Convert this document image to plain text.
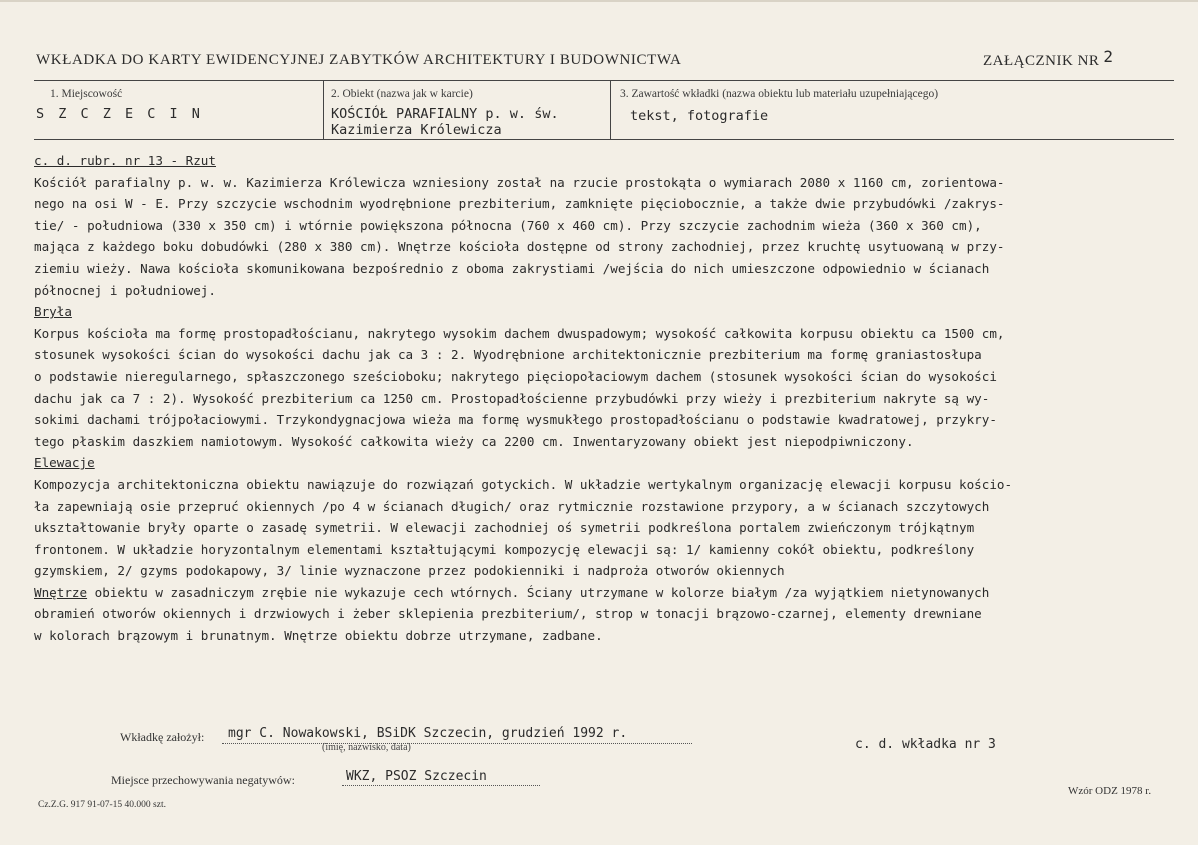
WKŁADKA DO KARTY EWIDENCYJNEJ ZABYTKÓW ARCHITEKTURY I BUDOWNICTWA	ZAŁĄCZNIK NR 2
1. Miejscowość
S Z C Z E C I N
2. Obiekt (nazwa jak w karcie)
KOŚCIÓŁ PARAFIALNY p. w. św.
Kazimierza Królewicza
3. Zawartość wkładki (nazwa obiektu lub materiału uzupełniającego)
tekst, fotografie
c. d. rubr. nr 13 - Rzut
Kościół parafialny p. w. w. Kazimierza Królewicza wzniesiony został na rzucie prostokąta o wymiarach 2080 x 1160 cm, zorientowa-
nego na osi W - E. Przy szczycie wschodnim wyodrębnione prezbiterium, zamknięte pięciobocznie, a także dwie przybudówki /zakrys-
tie/ - południowa (330 x 350 cm) i wtórnie powiększona północna (760 x 460 cm). Przy szczycie zachodnim wieża (360 x 360 cm),
mająca z każdego boku dobudówki (280 x 380 cm). Wnętrze kościoła dostępne od strony zachodniej, przez kruchtę usytuowaną w przy-
ziemiu wieży. Nawa kościoła skomunikowana bezpośrednio z oboma zakrystiami /wejścia do nich umieszczone odpowiednio w ścianach
północnej i południowej.
Bryła
Korpus kościoła ma formę prostopadłościanu, nakrytego wysokim dachem dwuspadowym; wysokość całkowita korpusu obiektu ca 1500 cm,
stosunek wysokości ścian do wysokości dachu jak ca 3 : 2. Wyodrębnione architektonicznie prezbiterium ma formę graniastosłupa
o podstawie nieregularnego, spłaszczonego sześcioboku; nakrytego pięciopołaciowym dachem (stosunek wysokości ścian do wysokości
dachu jak ca 7 : 2). Wysokość prezbiterium ca 1250 cm. Prostopadłościenne przybudówki przy wieży i prezbiterium nakryte są wy-
sokimi dachami trójpołaciowymi. Trzykondygnacjowa wieża ma formę wysmukłego prostopadłościanu o podstawie kwadratowej, przykry-
tego płaskim daszkiem namiotowym. Wysokość całkowita wieży ca 2200 cm. Inwentaryzowany obiekt jest niepodpiwniczony.
Elewacje
Kompozycja architektoniczna obiektu nawiązuje do rozwiązań gotyckich. W układzie wertykalnym organizację elewacji korpusu kościo-
ła zapewniają osie przepruć okiennych /po 4 w ścianach długich/ oraz rytmicznie rozstawione przypory, a w ścianach szczytowych
ukształtowanie bryły oparte o zasadę symetrii. W elewacji zachodniej oś symetrii podkreślona portalem zwieńczonym trójkątnym
frontonem. W układzie horyzontalnym elementami kształtującymi kompozycję elewacji są: 1/ kamienny cokół obiektu, podkreślony
gzymskiem, 2/ gzyms podokapowy, 3/ linie wyznaczone przez podokienniki i nadproża otworów okiennych
Wnętrze obiektu w zasadniczym zrębie nie wykazuje cech wtórnych. Ściany utrzymane w kolorze białym /za wyjątkiem nietynowanych
obramień otworów okiennych i drzwiowych i żeber sklepienia prezbiterium/, strop w tonacji brązowo-czarnej, elementy drewniane
w kolorach brązowym i brunatnym. Wnętrze obiektu dobrze utrzymane, zadbane.
Wkładkę założył: mgr C. Nowakowski, BSiDK Szczecin, grudzień 1992 r.
(imię, nazwisko, data)	c. d. wkładka nr 3
Miejsce przechowywania negatywów:	WKZ, PSOZ Szczecin
Cz.Z.G. 917 91-07-15 40.000 szt.
Wzór ODZ 1978 r.
